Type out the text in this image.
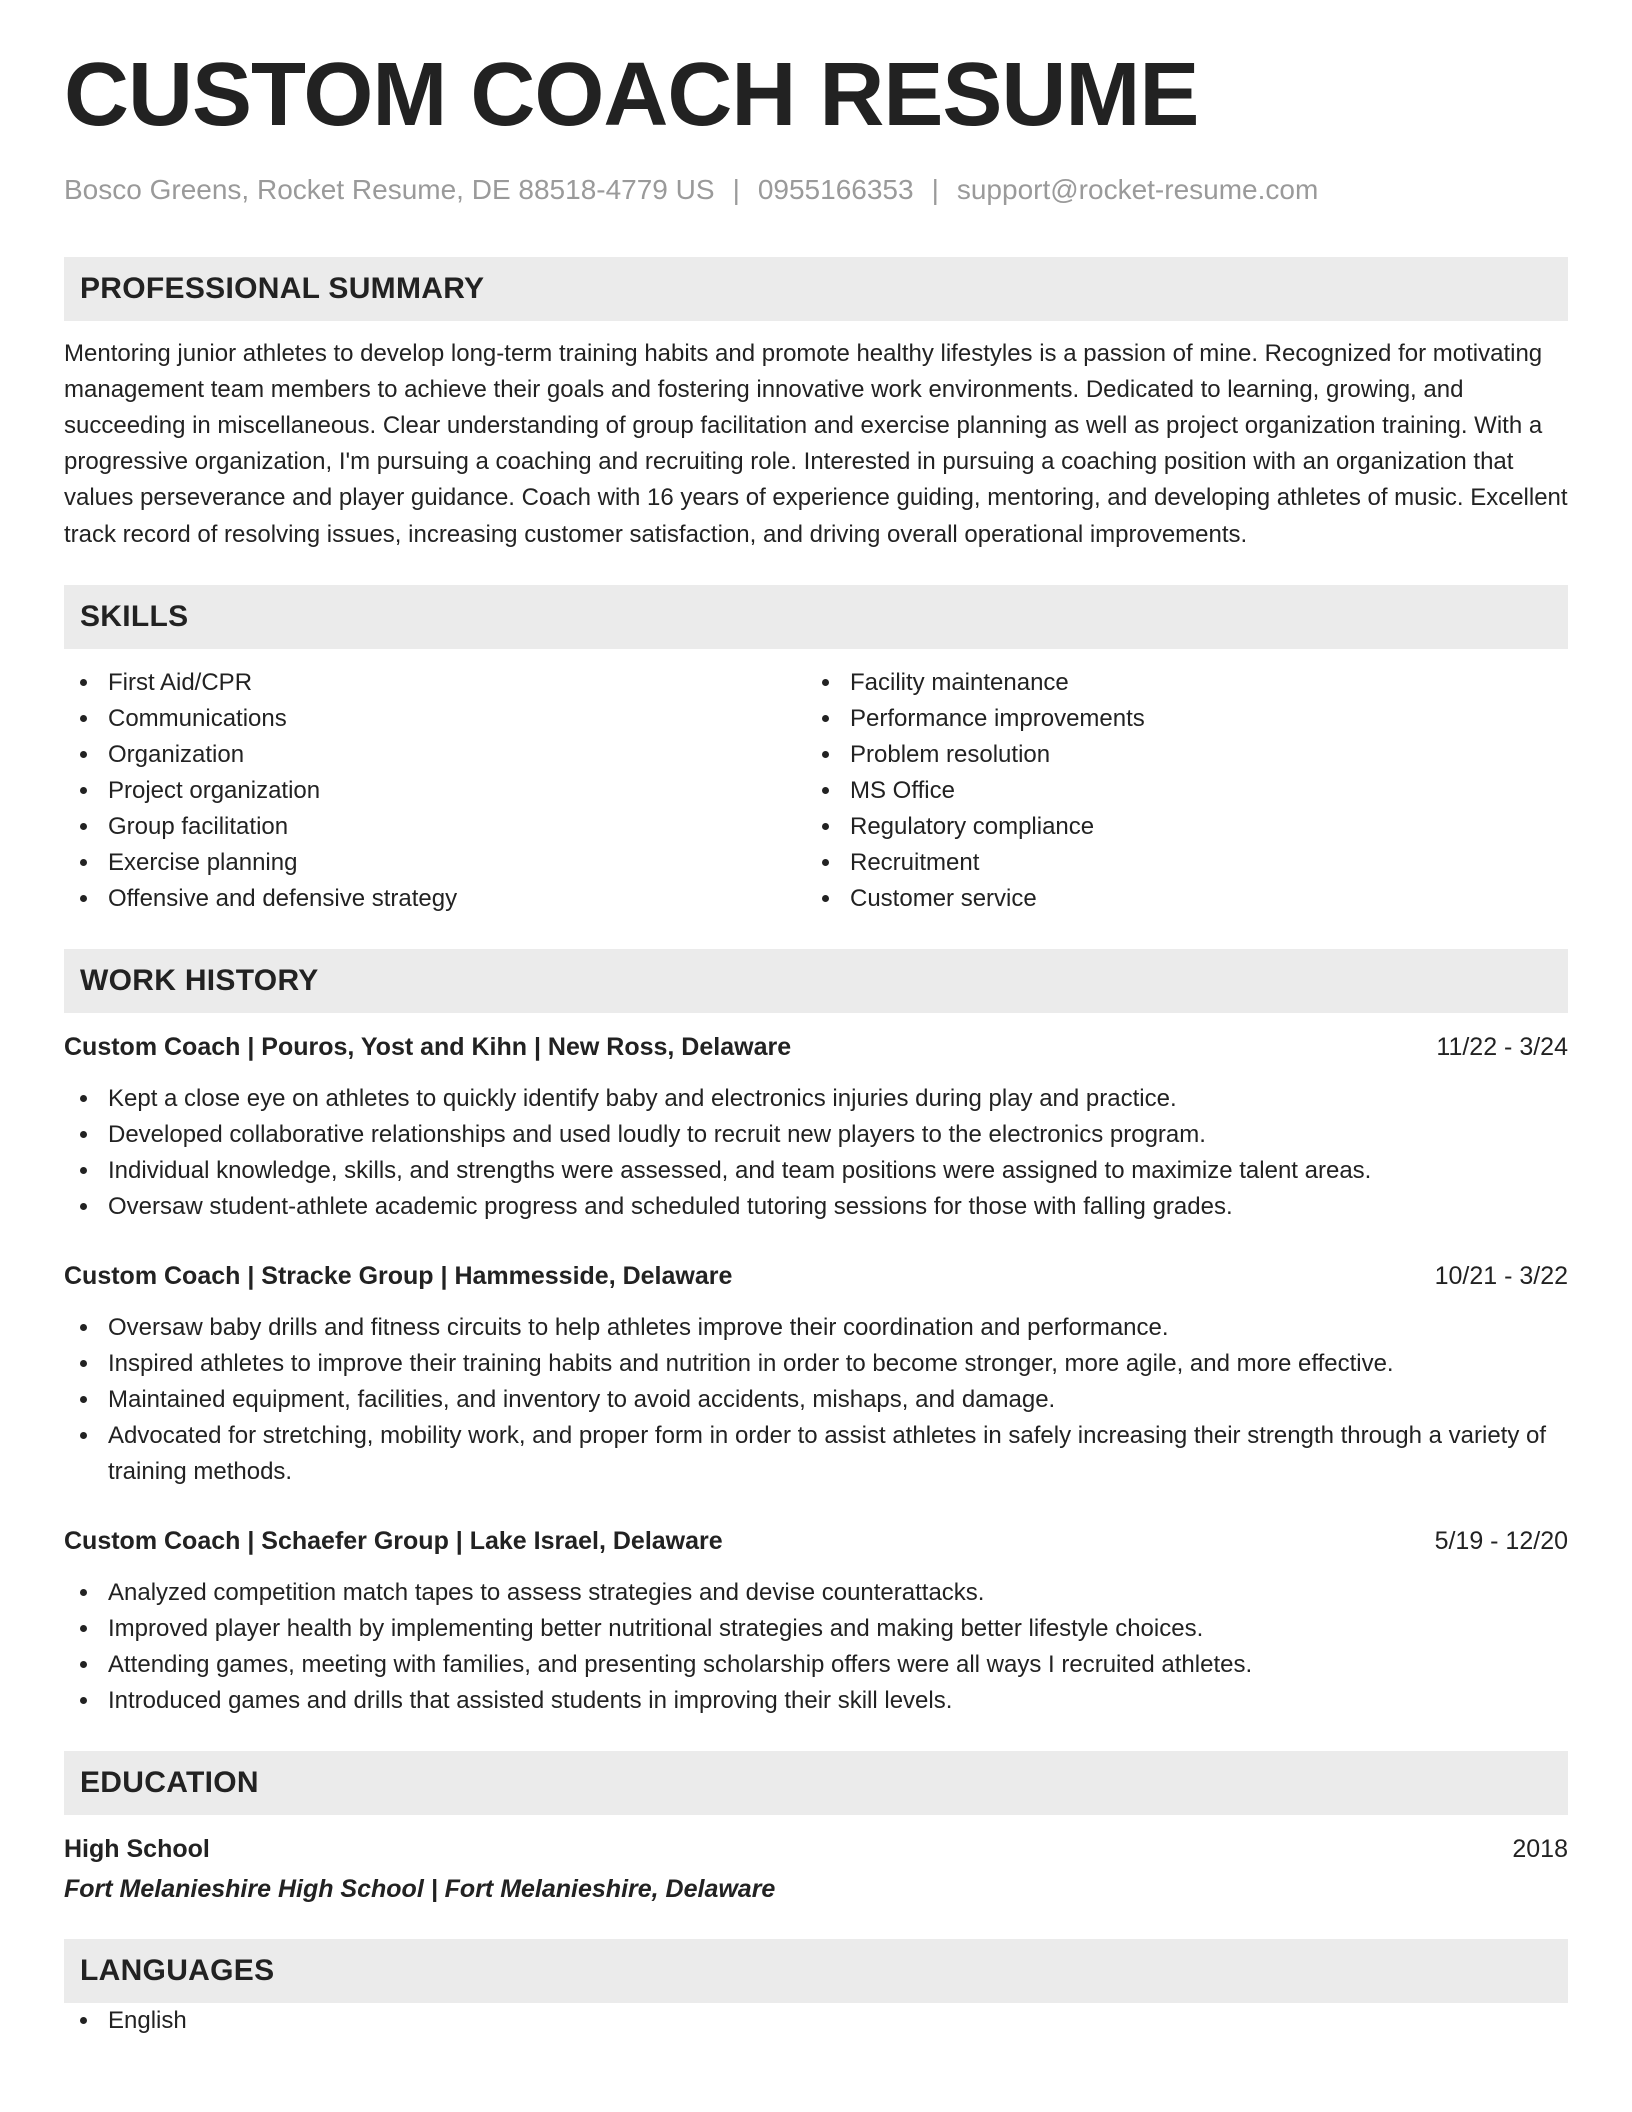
CUSTOM COACH RESUME
Bosco Greens, Rocket Resume, DE 88518-4779 US | 0955166353 | support@rocket-resume.com
PROFESSIONAL SUMMARY

Mentoring junior athletes to develop long-term training habits and promote healthy lifestyles is a passion of mine. Recognized for motivating management team members to achieve their goals and fostering innovative work environments. Dedicated to learning, growing, and succeeding in miscellaneous. Clear understanding of group facilitation and exercise planning as well as project organization training. With a progressive organization, I'm pursuing a coaching and recruiting role. Interested in pursuing a coaching position with an organization that values perseverance and player guidance. Coach with 16 years of experience guiding, mentoring, and developing athletes of music. Excellent track record of resolving issues, increasing customer satisfaction, and driving overall operational improvements.

SKILLS
First Aid/CPR
Communications
Organization
Project organization
Group facilitation
Exercise planning
Offensive and defensive strategy
Facility maintenance
Performance improvements
Problem resolution
MS Office
Regulatory compliance
Recruitment
Customer service
WORK HISTORY
Custom Coach | Pouros, Yost and Kihn | New Ross, Delaware	11/22 - 3/24
Kept a close eye on athletes to quickly identify baby and electronics injuries during play and practice.
Developed collaborative relationships and used loudly to recruit new players to the electronics program.
Individual knowledge, skills, and strengths were assessed, and team positions were assigned to maximize talent areas.
Oversaw student-athlete academic progress and scheduled tutoring sessions for those with falling grades.
Custom Coach | Stracke Group | Hammesside, Delaware	10/21 - 3/22
Oversaw baby drills and fitness circuits to help athletes improve their coordination and performance.
Inspired athletes to improve their training habits and nutrition in order to become stronger, more agile, and more effective.
Maintained equipment, facilities, and inventory to avoid accidents, mishaps, and damage.
Advocated for stretching, mobility work, and proper form in order to assist athletes in safely increasing their strength through a variety of training methods.
Custom Coach | Schaefer Group | Lake Israel, Delaware	5/19 - 12/20
Analyzed competition match tapes to assess strategies and devise counterattacks.
Improved player health by implementing better nutritional strategies and making better lifestyle choices.
Attending games, meeting with families, and presenting scholarship offers were all ways I recruited athletes.
Introduced games and drills that assisted students in improving their skill levels.
EDUCATION
High School	2018
Fort Melanieshire High School | Fort Melanieshire, Delaware
LANGUAGES
English
